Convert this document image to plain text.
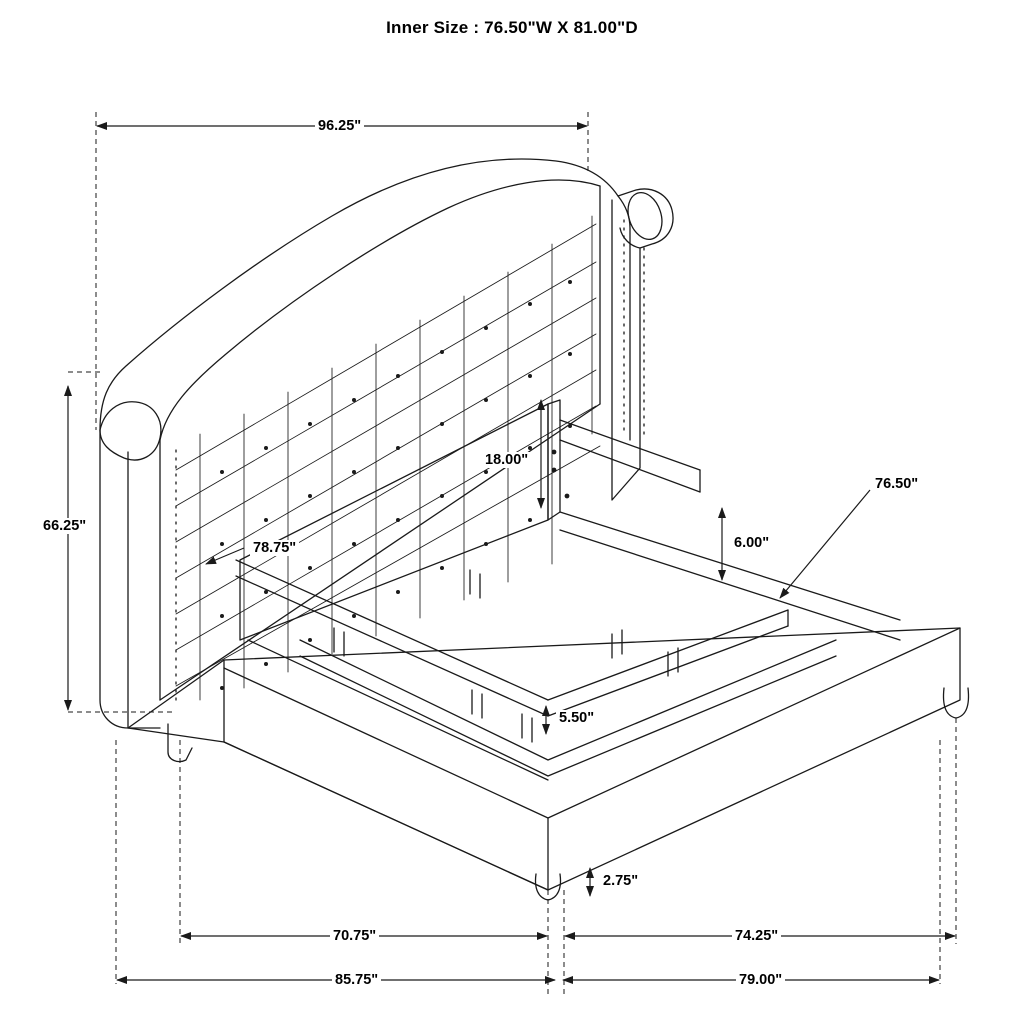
Inner Size : 76.50"W X 81.00"D
96.25"
66.25"
78.75"
18.00"
6.00"
5.50"
76.50"
2.75"
70.75"	74.25"
85.75"	79.00"
